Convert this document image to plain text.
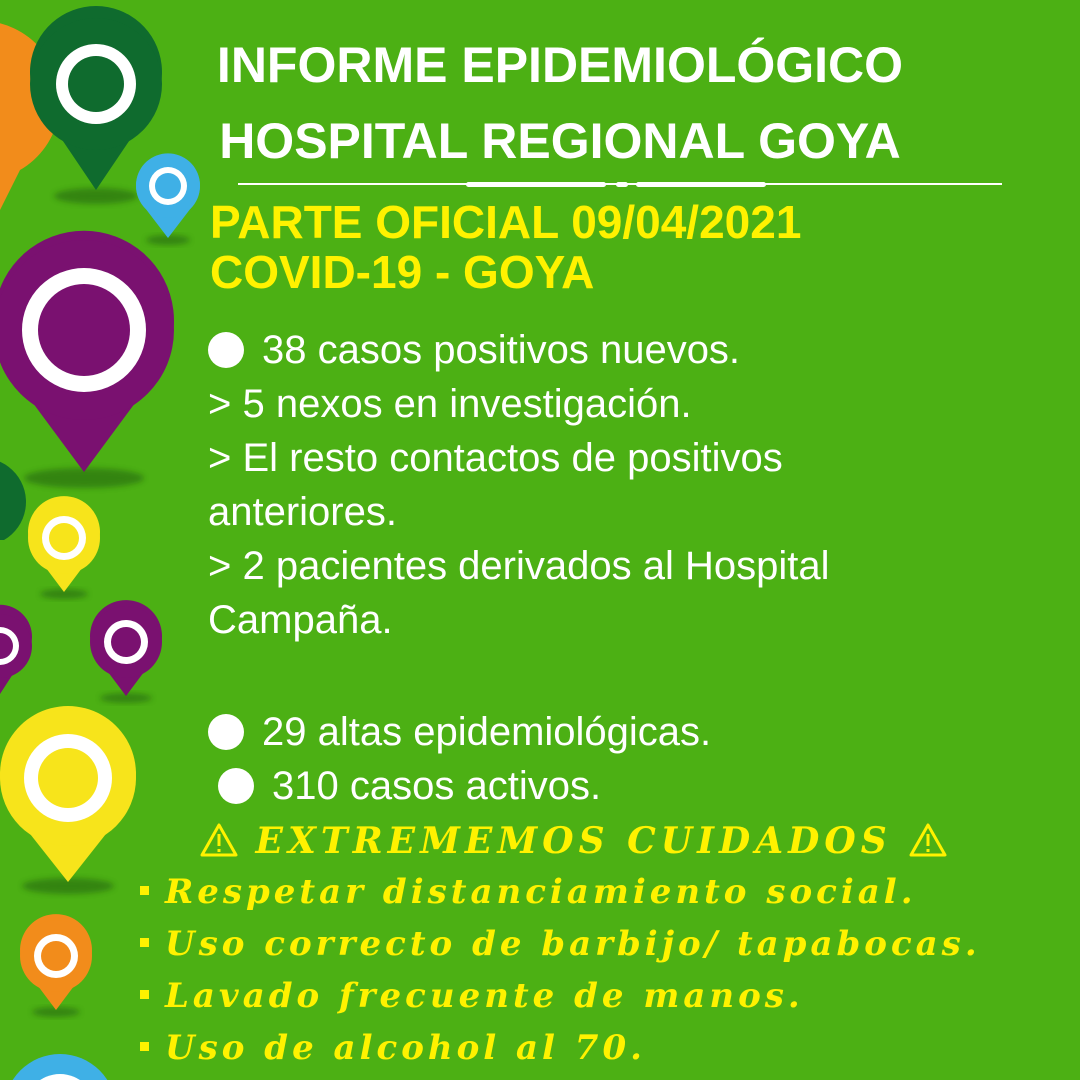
INFORME EPIDEMIOLÓGICO
HOSPITAL REGIONAL GOYA
PARTE OFICIAL 09/04/2021
COVID-19 - GOYA
38 casos positivos nuevos.
> 5 nexos en investigación.
> El resto contactos de positivos
anteriores.
> 2 pacientes derivados al Hospital
Campaña.
29 altas epidemiológicas.
310 casos activos.
EXTREMEMOS CUIDADOS
Respetar distanciamiento social.
Uso correcto de barbijo/ tapabocas.
Lavado frecuente de manos.
Uso de alcohol al 70.
